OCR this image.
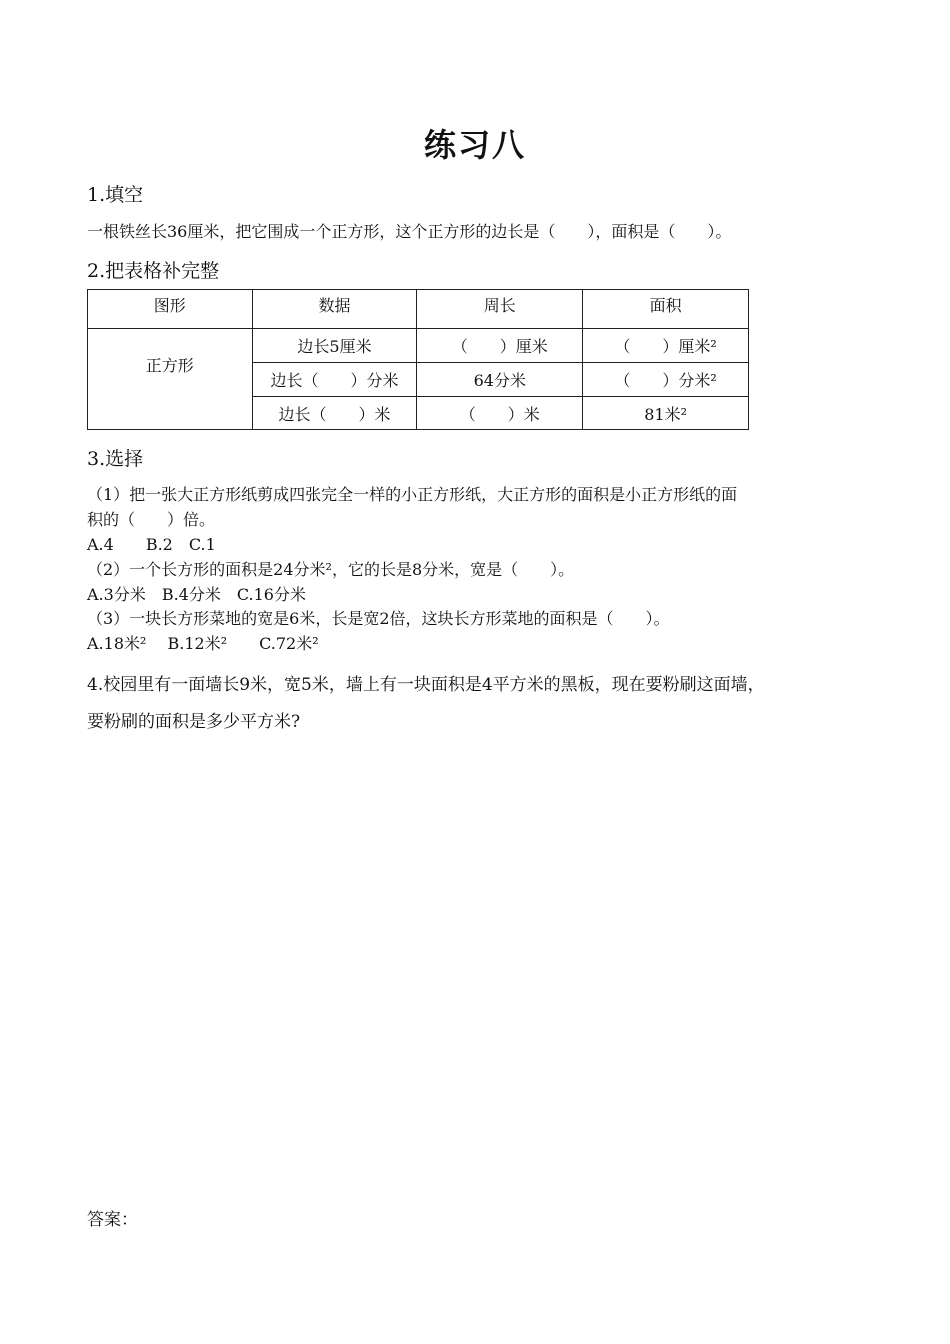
练习八
1.填空
一根铁丝长36厘米，把它围成一个正方形，这个正方形的边长是（　　），面积是（　　）。
2.把表格补完整
图形	数据	周长	面积
正方形	边长5厘米	（　　）厘米	（　　）厘米²
	边长（　　）分米	64分米	（　　）分米²
	边长（　　）米	（　　）米	81米²
3.选择
（1）把一张大正方形纸剪成四张完全一样的小正方形纸，大正方形的面积是小正方形纸的面
积的（　　）倍。
A.4　　B.2　C.1
（2）一个长方形的面积是24分米²，它的长是8分米，宽是（　　）。
A.3分米　B.4分米　C.16分米
（3）一块长方形菜地的宽是6米，长是宽2倍，这块长方形菜地的面积是（　　）。
A.18米²　 B.12米²　　C.72米²
4.校园里有一面墙长9米，宽5米，墙上有一块面积是4平方米的黑板，现在要粉刷这面墙，
要粉刷的面积是多少平方米?
答案：
